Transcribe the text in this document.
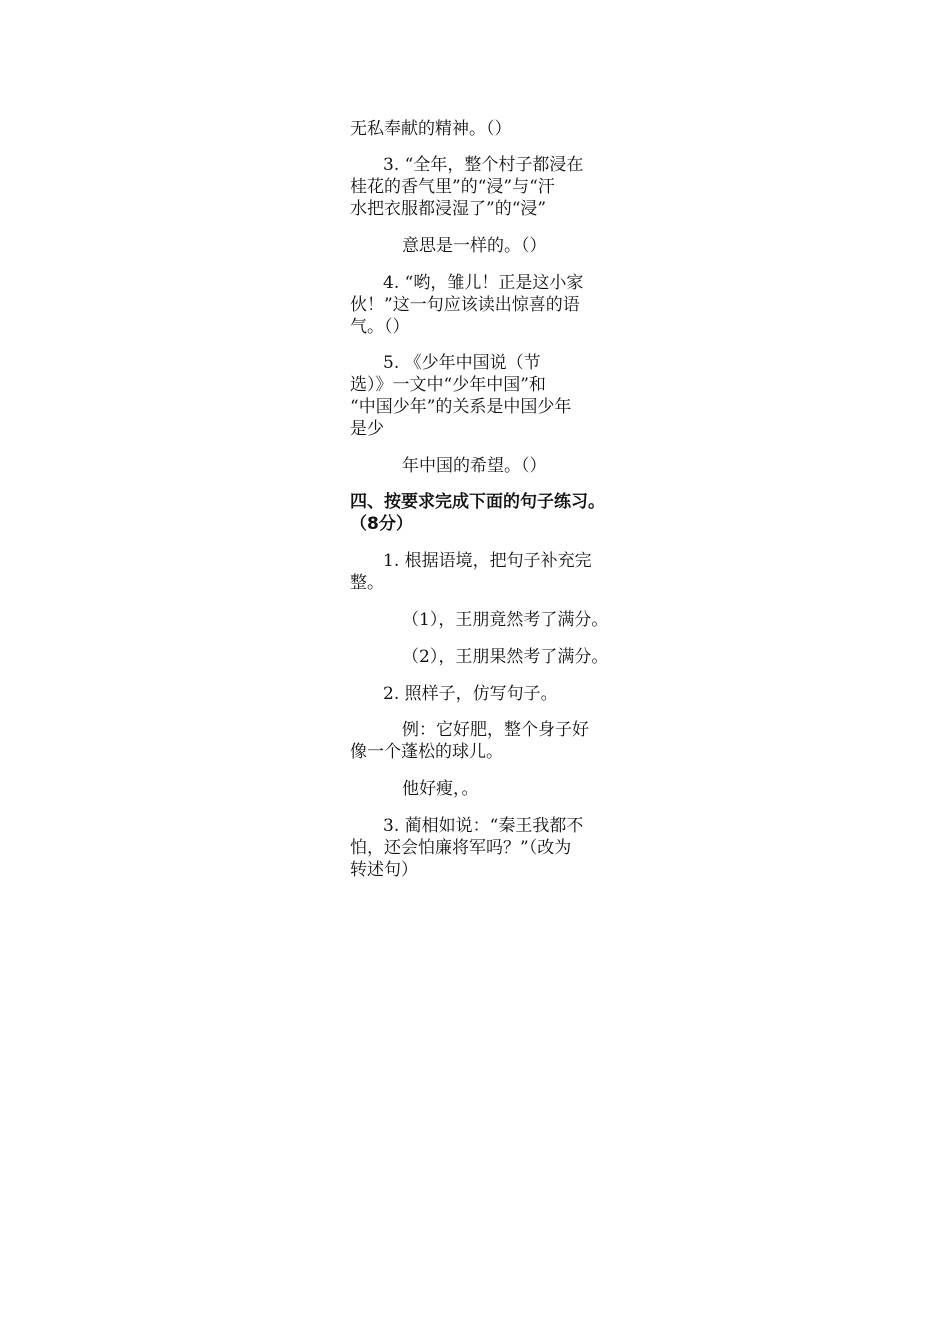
无私奉献的精神。（）

3. “全年，整个村子都浸在
桂花的香气里”的“浸”与“汗
水把衣服都浸湿了”的“浸”

意思是一样的。（）

4. “哟，雏儿！正是这小家
伙！”这一句应该读出惊喜的语
气。（）

5. 《少年中国说（节
选）》一文中“少年中国”和
“中国少年”的关系是中国少年
是少

年中国的希望。（）

四、按要求完成下面的句子练习。
（8分）

1. 根据语境，把句子补充完
整。

（1），王朋竟然考了满分。

（2），王朋果然考了满分。

2. 照样子，仿写句子。

例：它好肥，整个身子好
像一个蓬松的球儿。

他好瘦，。

3. 蔺相如说：“秦王我都不
怕，还会怕廉将军吗？”（改为
转述句）
